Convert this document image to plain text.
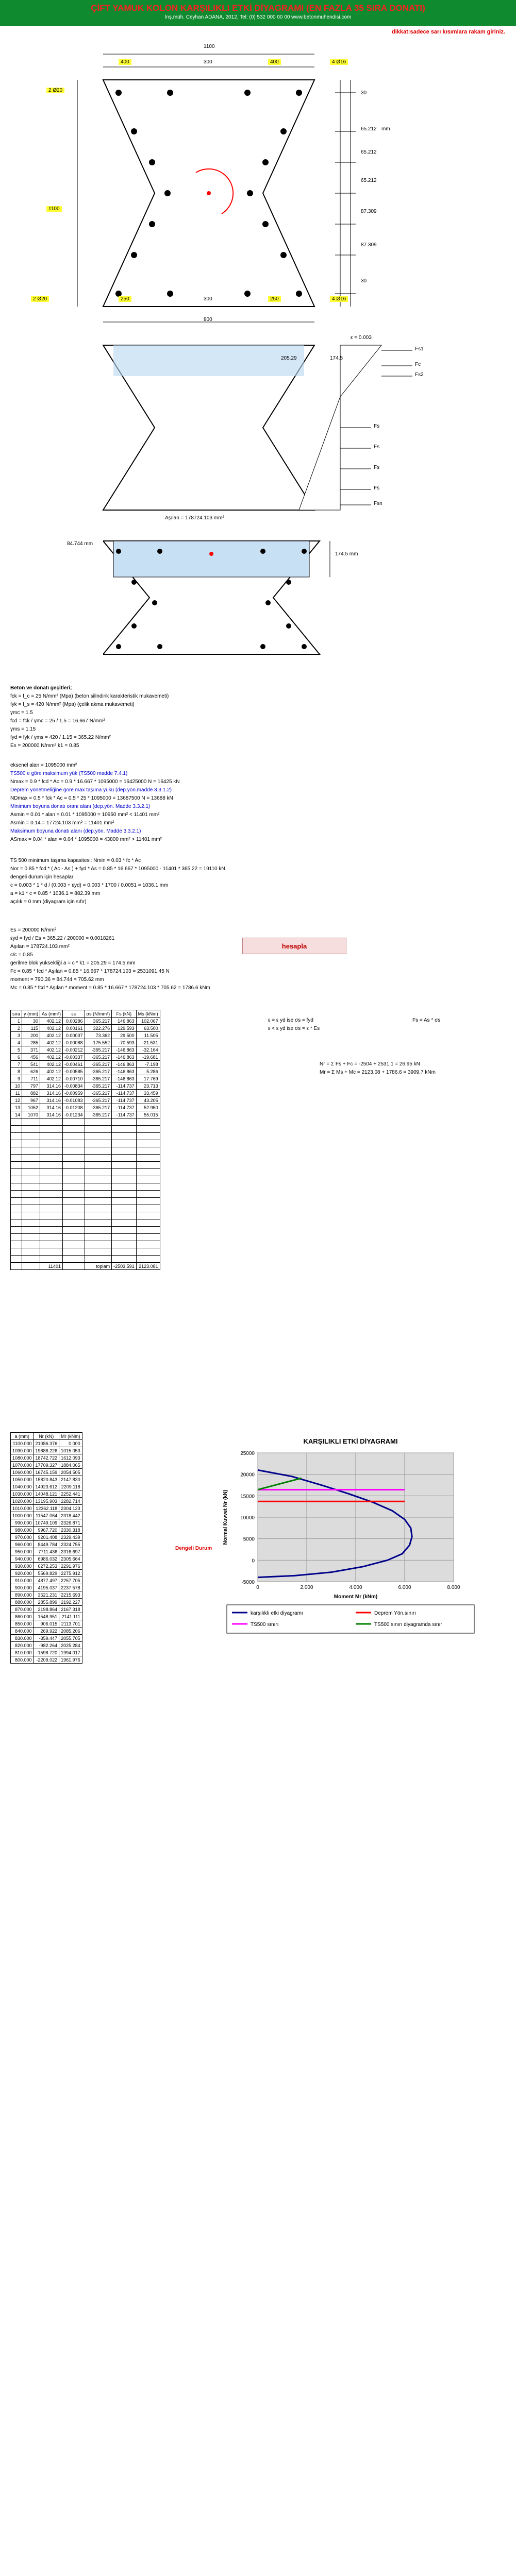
ÇİFT YAMUK KOLON KARŞILIKLI ETKİ DİYAGRAMI (EN FAZLA 35 SIRA DONATI)
İnş.müh. Ceyhan ADANA, 2012, Tel: (0) 532 000 00 00 www.betonmuhendisi.com
dikkat:sadece sarı kısımlara rakam giriniz.
1100
400	300	400	4 Ø16
2 Ø20
1100
2 Ø20	250	300	250	4 Ø16
800
30
65.212
65.212
65.212
87.309
87.309
30
mm
ε = 0.003
Fs1
Fc
Fs2
Fs
Fs
Fs
Fs
Fsn
205.29	174.5
Aşılan = 178724.103 mm²
84.744 mm
174.5 mm
Beton ve donatı geçitleri;
fck = f_c = 25 N/mm² (Mpa) (beton silindirik karakteristik mukavemeti)
fyk = f_s = 420 N/mm² (Mpa) (çelik akma mukavemeti)
γmc = 1.5
fcd = fck / γmc = 25 / 1.5 = 16.667 N/mm²
γms = 1.15
fyd = fyk / γms = 420 / 1.15 = 365.22 N/mm²
Es = 200000 N/mm² k1 = 0.85
eksenel alan = 1095000 mm²
TS500 e göre maksimum yük (TS500 madde 7.4.1)
Nmax = 0.9 * fcd * Ac = 0.9 * 16.667 * 1095000 = 16425000 N = 16425 kN
Deprem yönetmeliğine göre max taşıma yükü (dep.yön.madde 3.3.1.2)
NDmax = 0.5 * fck * Ac = 0.5 * 25 * 1095000 = 13687500 N = 13688 kN
Minimum boyuna donatı oranı alanı (dep.yön. Madde 3.3.2.1)
Asmin = 0.01 * alan = 0.01 * 1095000 = 10950 mm² < 11401 mm²
Asmin = 0.14 = 17724.103 mm² = 11401 mm²
Maksimum boyuna donatı alanı (dep.yön. Madde 3.3.2.1)
ASmax = 0.04 * alan = 0.04 * 1095000 = 43800 mm² > 11401 mm²
TS 500 minimum taşıma kapasitesi: Nmin = 0.03 * fc * Ac
Nor = 0.85 * fcd * ( Ac - As ) + fyd * As = 0.85 * 16.667 * 1095000 - 11401 * 365.22 = 19110 kN
dengeli durum için hesaplar
c = 0.003 * 1 * d / (0.003 + εyd) = 0.003 * 1700 / 0.0051 = 1036.1 mm
a = k1 * c = 0.85 * 1036.1 = 882.39 mm
açılık = 0 mm (diyagram için sıfır)
Es = 200000 N/mm²
εyd = fyd / Es = 365.22 / 200000 = 0.0018261
Aşılan = 178724.103 mm²
c/c = 0.85
gerilme blok yüksekliği a = c * k1 = 205.29 = 174.5 mm
Fc = 0.85 * fcd * Aşılan = 0.85 * 16.667 * 178724.103 = 2531091.45 N
moment = 790.36 = 84.744 = 705.62 mm
Mc = 0.85 * fcd * Aşılan * moment = 0.85 * 16.667 * 178724.103 * 705.62 = 1786.6 kNm
hesapla
sıra	y (mm)	As (mm²)	εs	σs (N/mm²)	Fs (kN)	Ms (kNm)
1	30	402.12	0.00286	365.217	146.863	102.067
2	115	402.12	0.00161	322.276	129.593	63.500
3	200	402.12	0.00037	73.362	29.500	11.505
4	285	402.12	-0.00088	-175.552	-70.593	-21.531
5	371	402.12	-0.00212	-365.217	-146.863	-32.164
6	456	402.12	-0.00337	-365.217	-146.863	-19.681
7	541	402.12	-0.00461	-365.217	-146.863	-7.198
8	626	402.12	-0.00585	-365.217	-146.863	5.286
9	711	402.12	-0.00710	-365.217	-146.863	17.769
10	797	314.16	-0.00834	-365.217	-114.737	23.713
11	882	314.16	-0.00959	-365.217	-114.737	33.459
12	967	314.16	-0.01083	-365.217	-114.737	43.205
13	1052	314.16	-0.01208	-365.217	-114.737	52.950
14	1070	314.16	-0.01234	-365.217	-114.737	55.015

		11401		toplam	-2503.591	2123.081
ε = ε yd ise σs = fyd
ε < ε yd ise σs = ε * Es
Fs = As * σs
Nr = Σ Fs + Fc = -2504 + 2531.1 = 26.95 kN
Mr = Σ Ms + Mc = 2123.08 + 1786.6 = 3909.7 kNm
a (mm)	Nr (kN)	Mr (kNm)
1100.000	21086.376	0.000
1090.000	19886.226	1015.053
1080.000	18742.722	1612.093
1070.000	17709.327	1884.065
1060.000	16745.159	2054.505
1050.000	15820.843	2147.830
1040.000	14923.612	2209.118
1030.000	14048.121	2252.441
1020.000	13195.903	2282.714
1010.000	12362.118	2304.123
1000.000	11547.064	2318.442
990.000	10749.109	2326.871
980.000	9967.720	2330.318
970.000	9201.408	2329.439
960.000	8449.784	2324.755
950.000	7711.436	2316.697
940.000	6986.032	2305.664
930.000	6272.253	2291.976
920.000	5569.829	2275.912
910.000	4877.497	2257.705
900.000	4195.037	2237.578
890.000	3521.231	2215.693
880.000	2855.899	2192.227
870.000	2198.864	2167.318
860.000	1548.951	2141.111
850.000	906.015	2113.701
840.000	269.922	2085.206
830.000	-359.447	2055.705
820.000	-982.264	2025.284
810.000	-1598.720	1994.017
800.000	-2209.022	1961.976
Dengeli Durum
KARŞILIKLI ETKİ DİYAGRAMI
-5000
0
5000
10000
15000
20000
25000
0	2.000	4.000	6.000	8.000
Moment Mr (kNm)
Normal Kuvvet Nr (kN)
karşılıklı etki diyagramı	Deprem Yön.sınırı
TS500 sınırı	TS500 sınırı diyagramda sınır
